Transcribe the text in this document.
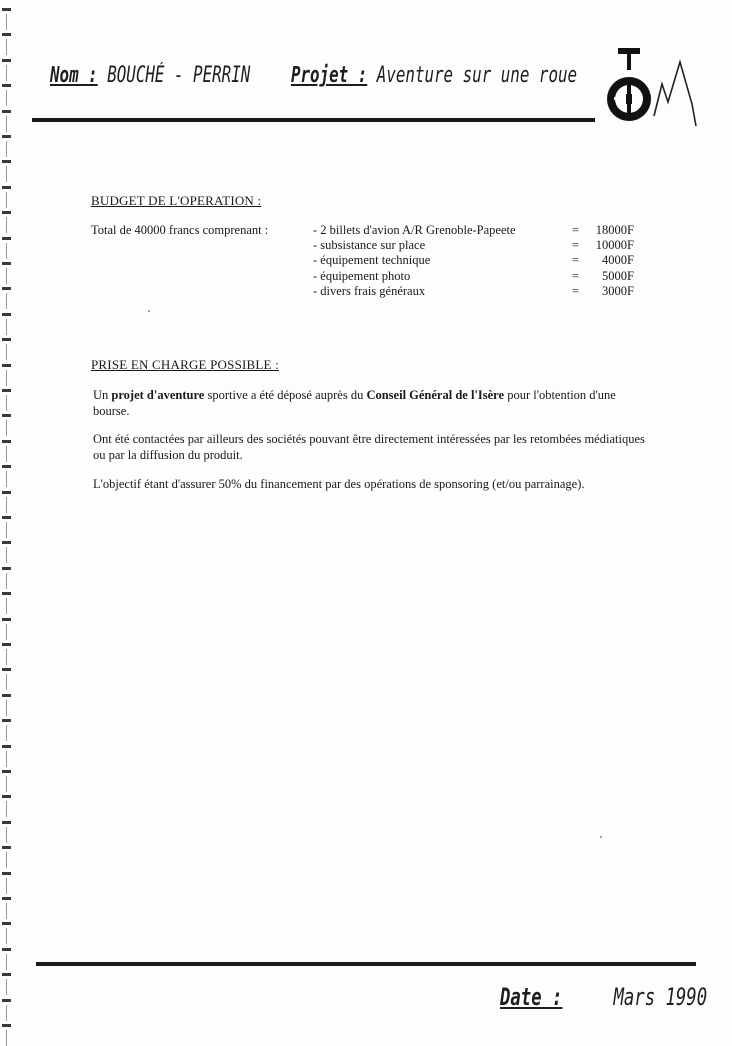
Nom : BOUCHÉ - PERRIN Projet : Aventure sur une roue
BUDGET DE L'OPERATION :
Total de 40000 francs comprenant :	- 2 billets d'avion A/R Grenoble-Papeete
- subsistance sur place
- équipement technique
- équipement photo
- divers frais généraux
= 18000F
= 10000F
= 4000F
= 5000F
= 3000F
PRISE EN CHARGE POSSIBLE :
Un projet d'aventure sportive a été déposé auprès du Conseil Général de l'Isère pour l'obtention d'une bourse.
Ont été contactées par ailleurs des sociétés pouvant être directement intéressées par les retombées médiatiques ou par la diffusion du produit.
L'objectif étant d'assurer 50% du financement par des opérations de sponsoring (et/ou parrainage).
Date : Mars 1990
